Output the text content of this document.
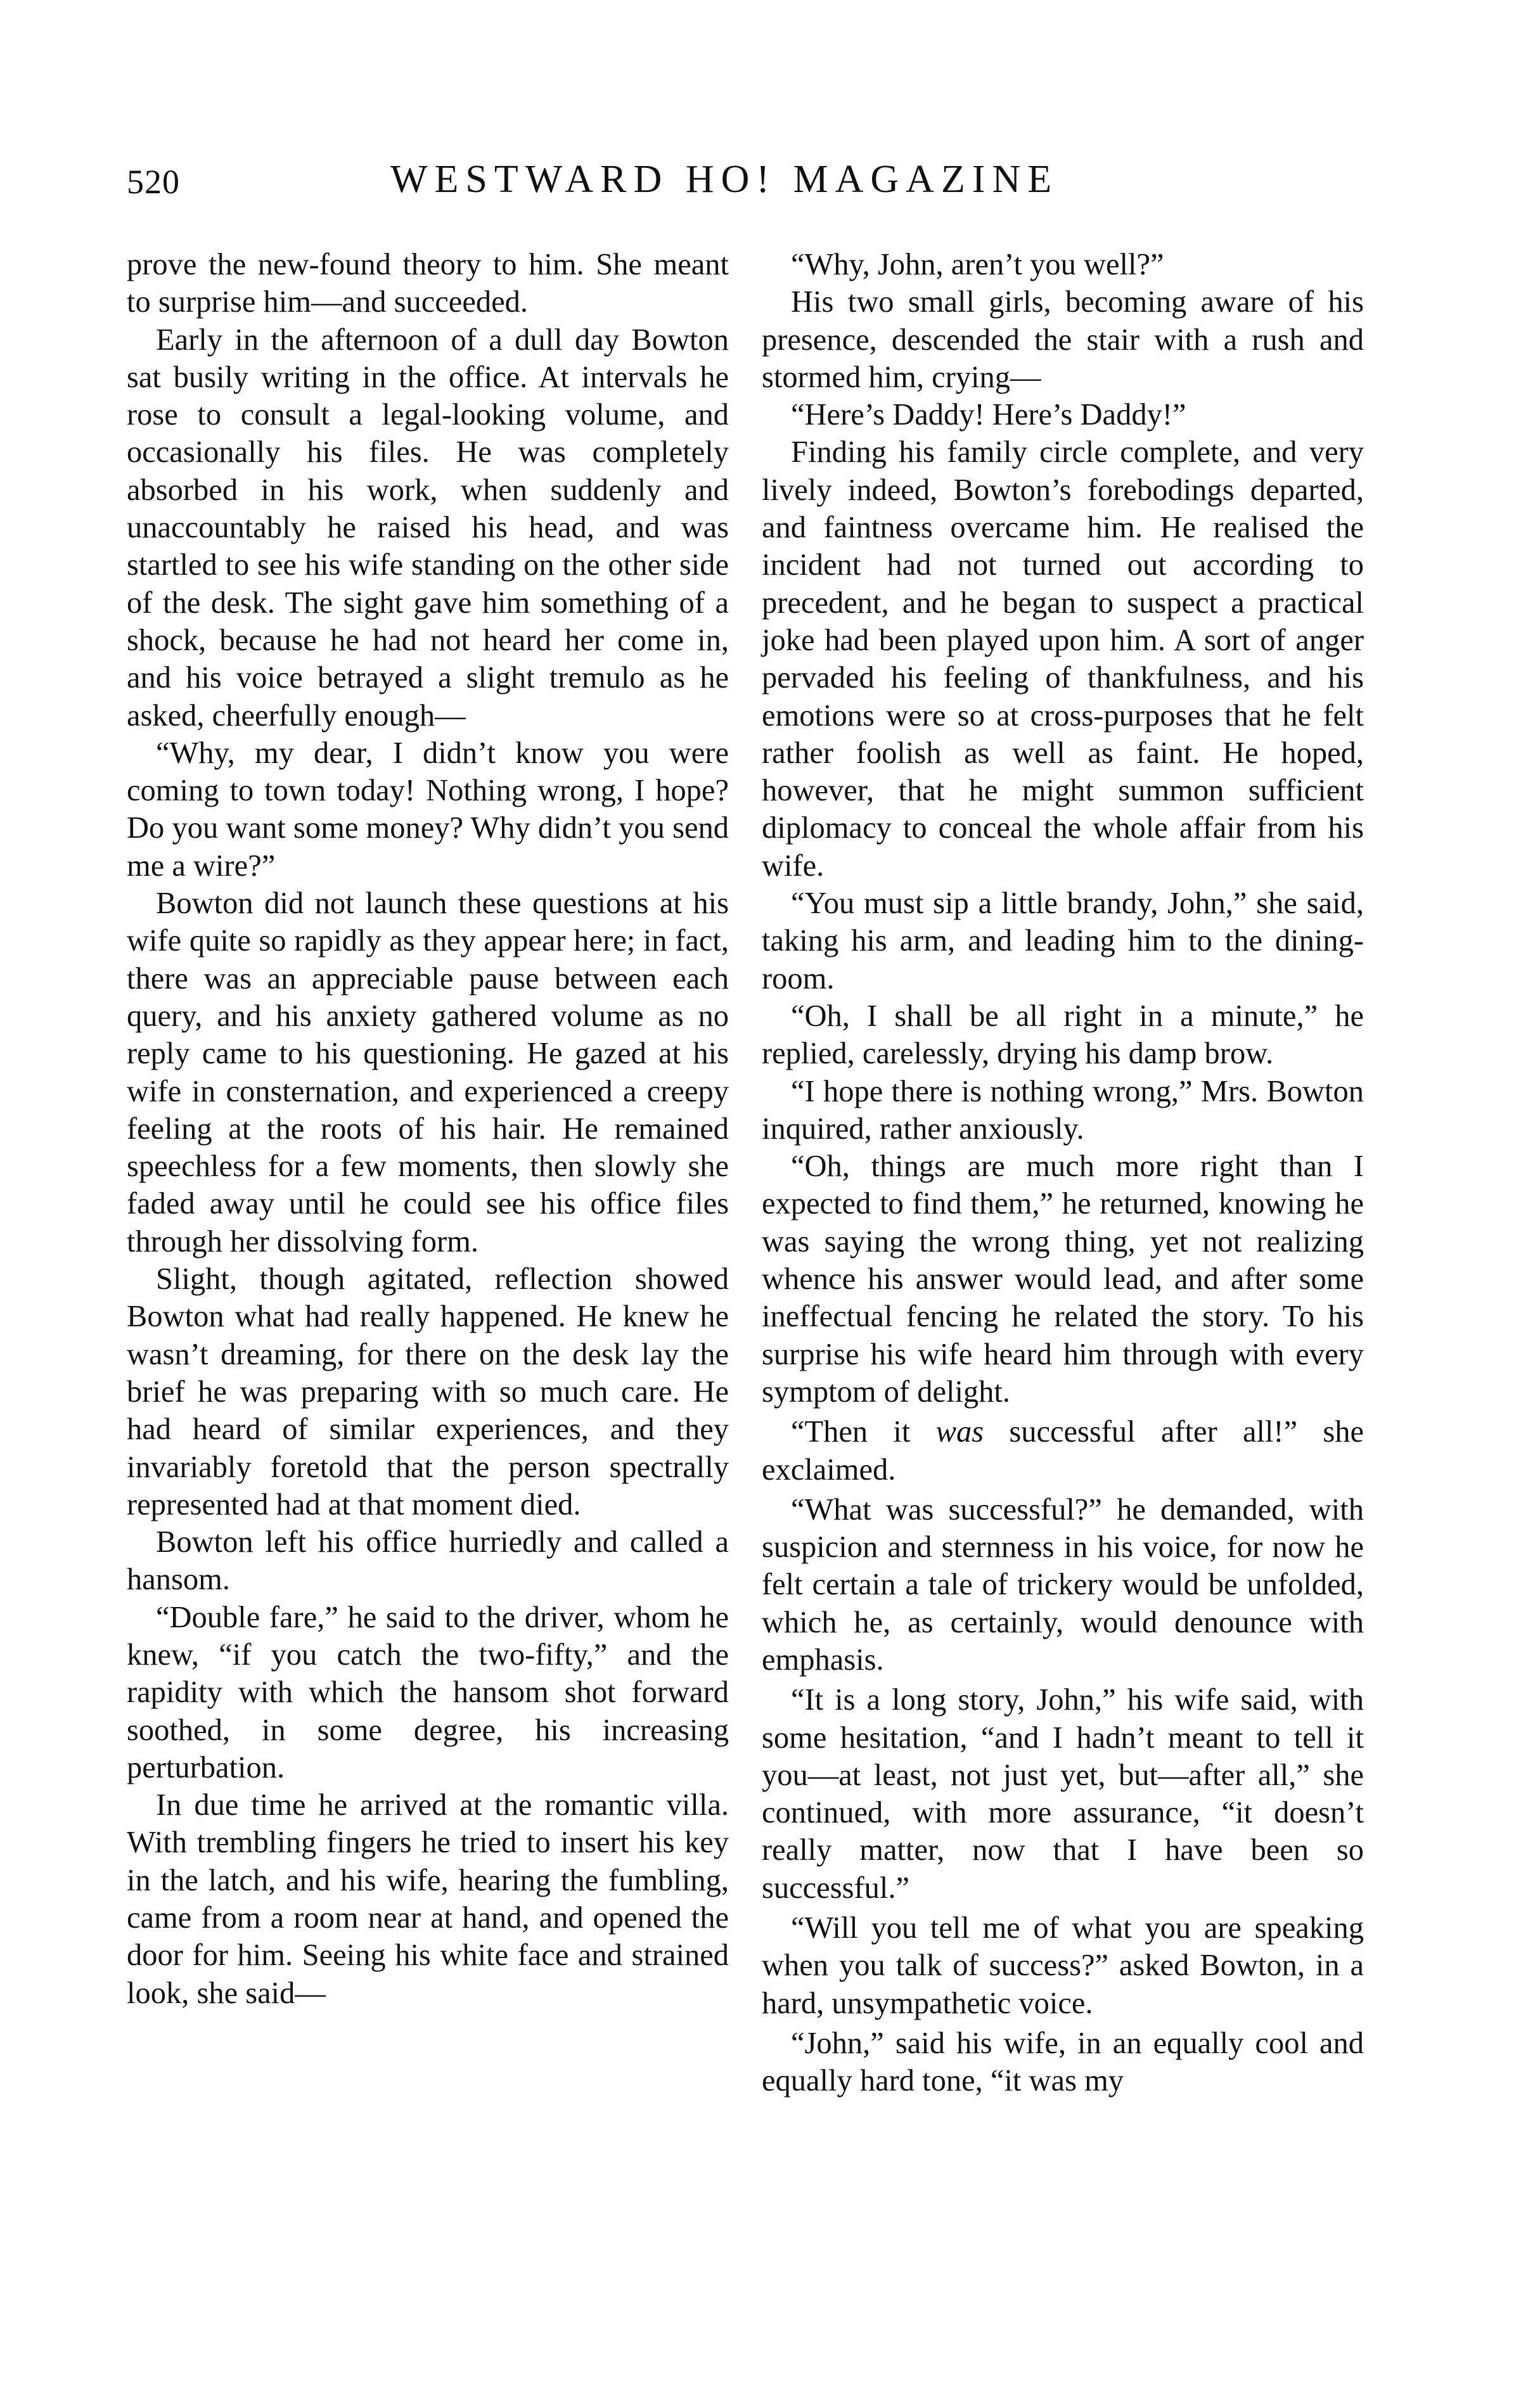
520	WESTWARD HO! MAGAZINE

prove the new-found theory to him. She meant to surprise him—and succeeded.

Early in the afternoon of a dull day Bowton sat busily writing in the office. At intervals he rose to consult a legal-looking volume, and occasionally his files. He was completely absorbed in his work, when suddenly and unaccountably he raised his head, and was startled to see his wife standing on the other side of the desk. The sight gave him something of a shock, because he had not heard her come in, and his voice betrayed a slight tremulo as he asked, cheerfully enough—

“Why, my dear, I didn’t know you were coming to town today! Nothing wrong, I hope? Do you want some money? Why didn’t you send me a wire?”

Bowton did not launch these questions at his wife quite so rapidly as they appear here; in fact, there was an appreciable pause between each query, and his anxiety gathered volume as no reply came to his questioning. He gazed at his wife in consternation, and experienced a creepy feeling at the roots of his hair. He remained speechless for a few moments, then slowly she faded away until he could see his office files through her dissolving form.

Slight, though agitated, reflection showed Bowton what had really happened. He knew he wasn’t dreaming, for there on the desk lay the brief he was preparing with so much care. He had heard of similar experiences, and they invariably foretold that the person spectrally represented had at that moment died.

Bowton left his office hurriedly and called a hansom.

“Double fare,” he said to the driver, whom he knew, “if you catch the two-fifty,” and the rapidity with which the hansom shot forward soothed, in some degree, his increasing perturbation.

In due time he arrived at the romantic villa. With trembling fingers he tried to insert his key in the latch, and his wife, hearing the fumbling, came from a room near at hand, and opened the door for him. Seeing his white face and strained look, she said—

“Why, John, aren’t you well?”

His two small girls, becoming aware of his presence, descended the stair with a rush and stormed him, crying—

“Here’s Daddy! Here’s Daddy!”

Finding his family circle complete, and very lively indeed, Bowton’s forebodings departed, and faintness overcame him. He realised the incident had not turned out according to precedent, and he began to suspect a practical joke had been played upon him. A sort of anger pervaded his feeling of thankfulness, and his emotions were so at cross-purposes that he felt rather foolish as well as faint. He hoped, however, that he might summon sufficient diplomacy to conceal the whole affair from his wife.

“You must sip a little brandy, John,” she said, taking his arm, and leading him to the dining-room.

“Oh, I shall be all right in a minute,” he replied, carelessly, drying his damp brow.

“I hope there is nothing wrong,” Mrs. Bowton inquired, rather anxiously.

“Oh, things are much more right than I expected to find them,” he returned, knowing he was saying the wrong thing, yet not realizing whence his answer would lead, and after some ineffectual fencing he related the story. To his surprise his wife heard him through with every symptom of delight.

“Then it was successful after all!” she exclaimed.

“What was successful?” he demanded, with suspicion and sternness in his voice, for now he felt certain a tale of trickery would be unfolded, which he, as certainly, would denounce with emphasis.

“It is a long story, John,” his wife said, with some hesitation, “and I hadn’t meant to tell it you—at least, not just yet, but—after all,” she continued, with more assurance, “it doesn’t really matter, now that I have been so successful.”

“Will you tell me of what you are speaking when you talk of success?” asked Bowton, in a hard, unsympathetic voice.

“John,” said his wife, in an equally cool and equally hard tone, “it was my
